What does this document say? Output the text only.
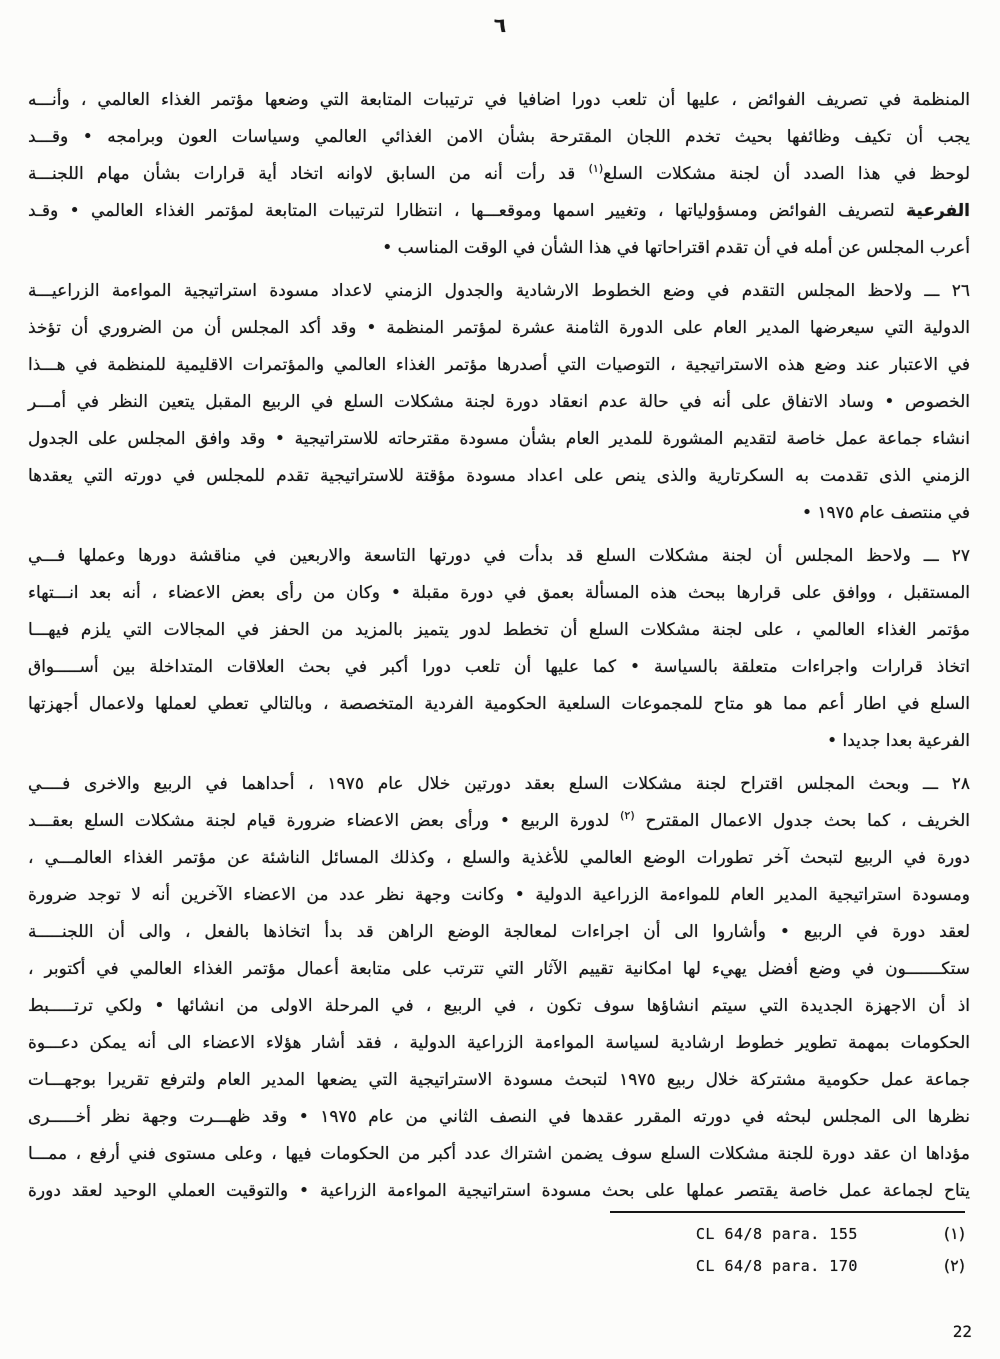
٦
المنظمة في تصريف الفوائض ، عليها أن تلعب دورا اضافيا في ترتيبات المتابعة التي وضعها مؤتمر الغذاء العالمي ، وأنـــه
يجب أن تكيف وظائفها بحيث تخدم اللجان المقترحة بشأن الامن الغذائي العالمي وسياسات العون وبرامجه • وقـــد
لوحظ في هذا الصدد أن لجنة مشكلات السلع$^{(١)}$ قد رأت أنه من السابق لاوانه اتخاد أية قرارات بشأن مهام اللجنـــة
الفرعية لتصريف الفوائض ومسؤولياتها ، وتغيير اسمها وموقعـــها ، انتظارا لترتيبات المتابعة لمؤتمر الغذاء العالمي • وقـد
أعرب المجلس عن أمله في أن تقدم اقتراحاتها في هذا الشأن في الوقت المناسب •
٢٦ ـــ ولاحظ المجلس التقدم في وضع الخطوط الارشادية والجدول الزمني لاعداد مسودة استراتيجية المواءمة الزراعيـــة
الدولية التي سيعرضها المدير العام على الدورة الثامنة عشرة لمؤتمر المنظمة • وقد أكد المجلس أن من الضروري أن تؤخذ
في الاعتبار عند وضع هذه الاستراتيجية ، التوصيات التي أصدرها مؤتمر الغذاء العالمي والمؤتمرات الاقليمية للمنظمة في هـــذا
الخصوص • وساد الاتفاق على أنه في حالة عدم انعقاد دورة لجنة مشكلات السلع في الربيع المقبل يتعين النظر في أمـــر
انشاء جماعة عمل خاصة لتقديم المشورة للمدير العام بشأن مسودة مقترحاته للاستراتيجية • وقد وافق المجلس على الجدول
الزمني الذى تقدمت به السكرتارية والذى ينص على اعداد مسودة مؤقتة للاستراتيجية تقدم للمجلس في دورته التي يعقدها
في منتصف عام ١٩٧٥ •
٢٧ ـــ ولاحظ المجلس أن لجنة مشكلات السلع قد بدأت في دورتها التاسعة والاربعين في مناقشة دورها وعملها فـــي
المستقبل ، ووافق على قرارها ببحث هذه المسألة بعمق في دورة مقبلة • وكان من رأى بعض الاعضاء ، أنه بعد انـــتهاء
مؤتمر الغذاء العالمي ، على لجنة مشكلات السلع أن تخطط لدور يتميز بالمزيد من الحفز في المجالات التي يلزم فيهـــا
اتخاذ قرارات واجراءات متعلقة بالسياسة • كما عليها أن تلعب دورا أكبر في بحث العلاقات المتداخلة بين أســـــواق
السلع في اطار أعم مما هو متاح للمجموعات السلعية الحكومية الفردية المتخصصة ، وبالتالي تعطي لعملها ولاعمال أجهزتها
الفرعية بعدا جديدا •
٢٨ ـــ وبحث المجلس اقتراح لجنة مشكلات السلع بعقد دورتين خلال عام ١٩٧٥ ، أحداهما في الربيع والاخرى فــــي
الخريف ، كما بحث جدول الاعمال المقترح $^{(٢)}$ لدورة الربيع • ورأى بعض الاعضاء ضرورة قيام لجنة مشكلات السلع بعقـــد
دورة في الربيع لتبحث آخر تطورات الوضع العالمي للأغذية والسلع ، وكذلك المسائل الناشئة عن مؤتمر الغذاء العالمـــي ،
ومسودة استراتيجية المدير العام للمواءمة الزراعية الدولية • وكانت وجهة نظر عدد من الاعضاء الآخرين أنه لا توجد ضرورة
لعقد دورة في الربيع • وأشاروا الى أن اجراءات لمعالجة الوضع الراهن قد بدأ اتخاذها بالفعل ، والى أن اللجنـــــة
ستكـــــــون في وضع أفضل يهيء لها امكانية تقييم الآثار التي تترتب على متابعة أعمال مؤتمر الغذاء العالمي في أكتوبر ،
اذ أن الاجهزة الجديدة التي سيتم انشاؤها سوف تكون ، في الربيع ، في المرحلة الاولى من انشائها • ولكي ترتـــــبط
الحكومات بمهمة تطوير خطوط ارشادية لسياسة المواءمة الزراعية الدولية ، فقد أشار هؤلاء الاعضاء الى أنه يمكن دعـــوة
جماعة عمل حكومية مشتركة خلال ربيع ١٩٧٥ لتبحث مسودة الاستراتيجية التي يضعها المدير العام ولترفع تقريرا بوجهـــات
نظرها الى المجلس لبحثه في دورته المقرر عقدها في النصف الثاني من عام ١٩٧٥ • وقد ظهـــرت وجهة نظر أخـــــرى
مؤداها ان عقد دورة للجنة مشكلات السلع سوف يضمن اشتراك عدد أكبر من الحكومات فيها ، وعلى مستوى فني أرفع ، ممـــا
يتاح لجماعة عمل خاصة يقتصر عملها على بحث مسودة استراتيجية المواءمة الزراعية • والتوقيت العملي الوحيد لعقد دورة
(١)
CL 64/8 para. 155
(٢)
CL 64/8 para. 170
22
